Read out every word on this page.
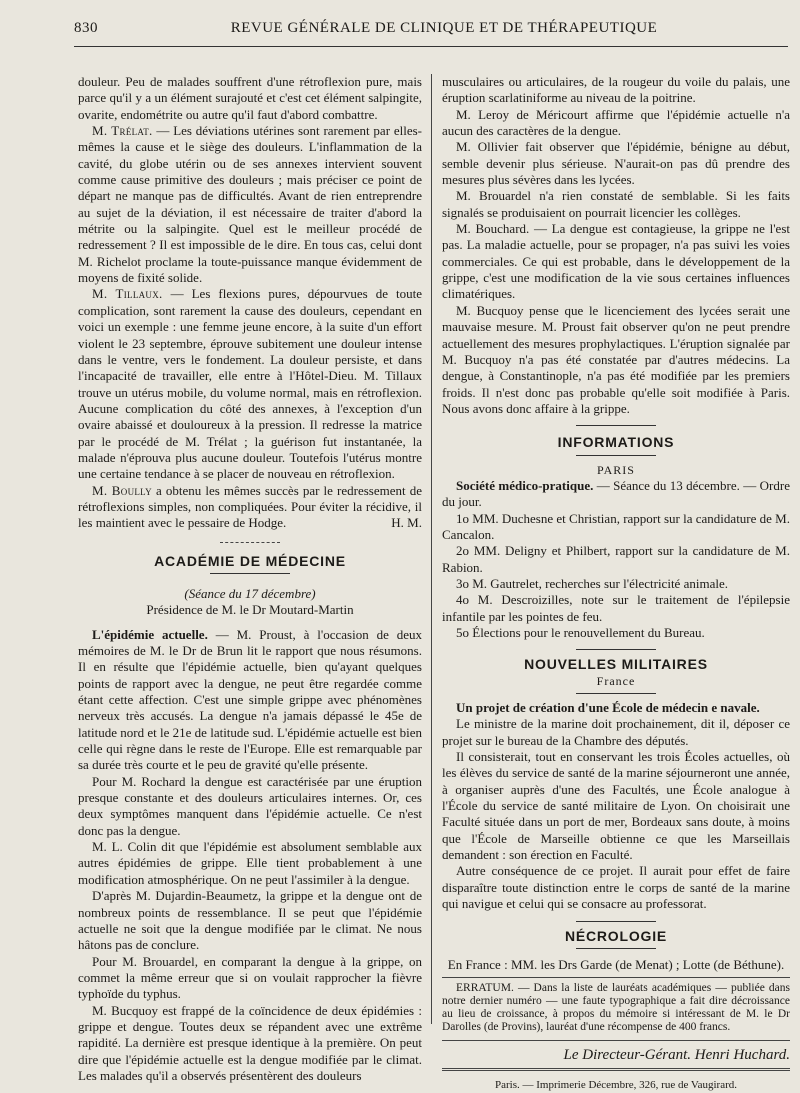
830	REVUE GÉNÉRALE DE CLINIQUE ET DE THÉRAPEUTIQUE

douleur. Peu de malades souffrent d'une rétroflexion pure, mais parce qu'il y a un élément surajouté et c'est cet élément salpingite, ovarite, endométrite ou autre qu'il faut d'abord combattre.

M. Trélat. — Les déviations utérines sont rarement par elles-mêmes la cause et le siège des douleurs. L'inflammation de la cavité, du globe utérin ou de ses annexes intervient souvent comme cause primitive des douleurs ; mais préciser ce point de départ ne manque pas de difficultés. Avant de rien entreprendre au sujet de la déviation, il est nécessaire de traiter d'abord la métrite ou la salpingite. Quel est le meilleur procédé de redressement ? Il est impossible de le dire. En tous cas, celui dont M. Richelot proclame la toute-puissance manque évidemment de moyens de fixité solide.

M. Tillaux. — Les flexions pures, dépourvues de toute complication, sont rarement la cause des douleurs, cependant en voici un exemple : une femme jeune encore, à la suite d'un effort violent le 23 septembre, éprouve subitement une douleur intense dans le ventre, vers le fondement. La douleur persiste, et dans l'incapacité de travailler, elle entre à l'Hôtel-Dieu. M. Tillaux trouve un utérus mobile, du volume normal, mais en rétroflexion. Aucune complication du côté des annexes, à l'exception d'un ovaire abaissé et douloureux à la pression. Il redresse la matrice par le procédé de M. Trélat ; la guérison fut instantanée, la malade n'éprouva plus aucune douleur. Toutefois l'utérus montre une certaine tendance à se placer de nouveau en rétroflexion.

M. Boully a obtenu les mêmes succès par le redressement de rétroflexions simples, non compliquées. Pour éviter la récidive, il les maintient avec le pessaire de Hodge.	H. M.

ACADÉMIE DE MÉDECINE

(Séance du 17 décembre)

Présidence de M. le Dr Moutard-Martin

L'épidémie actuelle. — M. Proust, à l'occasion de deux mémoires de M. le Dr de Brun lit le rapport que nous résumons. Il en résulte que l'épidémie actuelle, bien qu'ayant quelques points de rapport avec la dengue, ne peut être regardée comme étant cette affection. C'est une simple grippe avec phénomènes nerveux très accusés. La dengue n'a jamais dépassé le 45e de latitude nord et le 21e de latitude sud. L'épidémie actuelle est bien celle qui règne dans le reste de l'Europe. Elle est remarquable par sa durée très courte et le peu de gravité qu'elle présente.

Pour M. Rochard la dengue est caractérisée par une éruption presque constante et des douleurs articulaires internes. Or, ces deux symptômes manquent dans l'épidémie actuelle. Ce n'est donc pas la dengue.

M. L. Colin dit que l'épidémie est absolument semblable aux autres épidémies de grippe. Elle tient probablement à une modification atmosphérique. On ne peut l'assimiler à la dengue.

D'après M. Dujardin-Beaumetz, la grippe et la dengue ont de nombreux points de ressemblance. Il se peut que l'épidémie actuelle ne soit que la dengue modifiée par le climat. Ne nous hâtons pas de conclure.

Pour M. Brouardel, en comparant la dengue à la grippe, on commet la même erreur que si on voulait rapprocher la fièvre typhoïde du typhus.

M. Bucquoy est frappé de la coïncidence de deux épidémies : grippe et dengue. Toutes deux se répandent avec une extrême rapidité. La dernière est presque identique à la première. On peut dire que l'épidémie actuelle est la dengue modifiée par le climat. Les malades qu'il a observés présentèrent des douleurs

musculaires ou articulaires, de la rougeur du voile du palais, une éruption scarlatiniforme au niveau de la poitrine.

M. Leroy de Méricourt affirme que l'épidémie actuelle n'a aucun des caractères de la dengue.

M. Ollivier fait observer que l'épidémie, bénigne au début, semble devenir plus sérieuse. N'aurait-on pas dû prendre des mesures plus sévères dans les lycées.

M. Brouardel n'a rien constaté de semblable. Si les faits signalés se produisaient on pourrait licencier les collèges.

M. Bouchard. — La dengue est contagieuse, la grippe ne l'est pas. La maladie actuelle, pour se propager, n'a pas suivi les voies commerciales. Ce qui est probable, dans le développement de la grippe, c'est une modification de la vie sous certaines influences climatériques.

M. Bucquoy pense que le licenciement des lycées serait une mauvaise mesure. M. Proust fait observer qu'on ne peut prendre actuellement des mesures prophylactiques. L'éruption signalée par M. Bucquoy n'a pas été constatée par d'autres médecins. La dengue, à Constantinople, n'a pas été modifiée par les premiers froids. Il n'est donc pas probable qu'elle soit modifiée à Paris. Nous avons donc affaire à la grippe.

INFORMATIONS

PARIS

Société médico-pratique. — Séance du 13 décembre. — Ordre du jour.

1o MM. Duchesne et Christian, rapport sur la candidature de M. Cancalon.

2o MM. Deligny et Philbert, rapport sur la candidature de M. Rabion.

3o M. Gautrelet, recherches sur l'électricité animale.

4o M. Descroizilles, note sur le traitement de l'épilepsie infantile par les pointes de feu.

5o Élections pour le renouvellement du Bureau.

NOUVELLES MILITAIRES

France

Un projet de création d'une École de médecin e navale.

Le ministre de la marine doit prochainement, dit il, déposer ce projet sur le bureau de la Chambre des députés.

Il consisterait, tout en conservant les trois Écoles actuelles, où les élèves du service de santé de la marine séjourneront une année, à organiser auprès d'une des Facultés, une École analogue à l'École du service de santé militaire de Lyon. On choisirait une Faculté située dans un port de mer, Bordeaux sans doute, à moins que l'École de Marseille obtienne ce que les Marseillais demandent : son érection en Faculté.

Autre conséquence de ce projet. Il aurait pour effet de faire disparaître toute distinction entre le corps de santé de la marine qui navigue et celui qui se consacre au professorat.

NÉCROLOGIE

En France : MM. les Drs Garde (de Menat) ; Lotte (de Béthune).

ERRATUM. — Dans la liste de lauréats académiques — publiée dans notre dernier numéro — une faute typographique a fait dire décroissance au lieu de croissance, à propos du mémoire si intéressant de M. le Dr Darolles (de Provins), lauréat d'une récompense de 400 francs.

Le Directeur-Gérant. Henri Huchard.

Paris. — Imprimerie Décembre, 326, rue de Vaugirard.
